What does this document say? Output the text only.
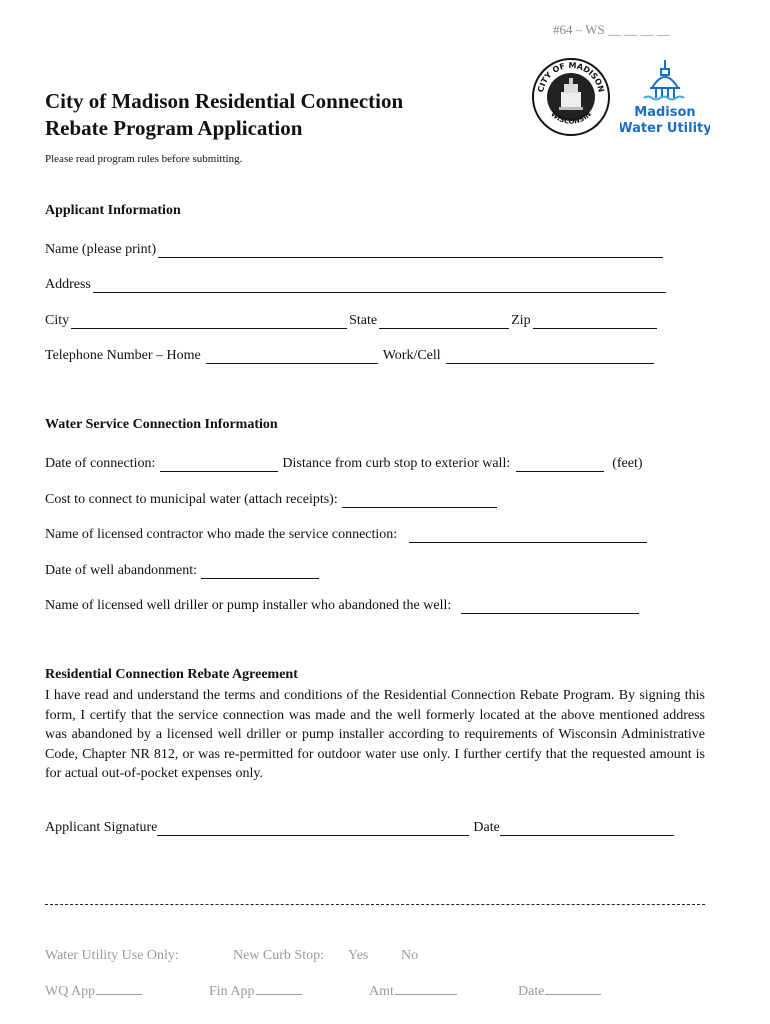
#64 – WS __ __ __ __
City of Madison Residential Connection
Rebate Program Application
Please read program rules before submitting.
CITY OF MADISON
WISCONSIN	Madison
Water Utility
Applicant Information
Name (please print)
Address
City	State	Zip
Telephone Number – Home	Work/Cell
Water Service Connection Information
Date of connection:	Distance from curb stop to exterior wall:	(feet)
Cost to connect to municipal water (attach receipts):
Name of licensed contractor who made the service connection:
Date of well abandonment:
Name of licensed well driller or pump installer who abandoned the well:
Residential Connection Rebate Agreement
I have read and understand the terms and conditions of the Residential Connection Rebate Program. By signing this form, I certify that the service connection was made and the well formerly located at the above mentioned address was abandoned by a licensed well driller or pump installer according to requirements of Wisconsin Administrative Code, Chapter NR 812, or was re-permitted for outdoor water use only. I further certify that the requested amount is for actual out-of-pocket expenses only.
Applicant Signature	Date
Water Utility Use Only:	New Curb Stop: Yes No
WQ App	Fin App	Amt	Date
